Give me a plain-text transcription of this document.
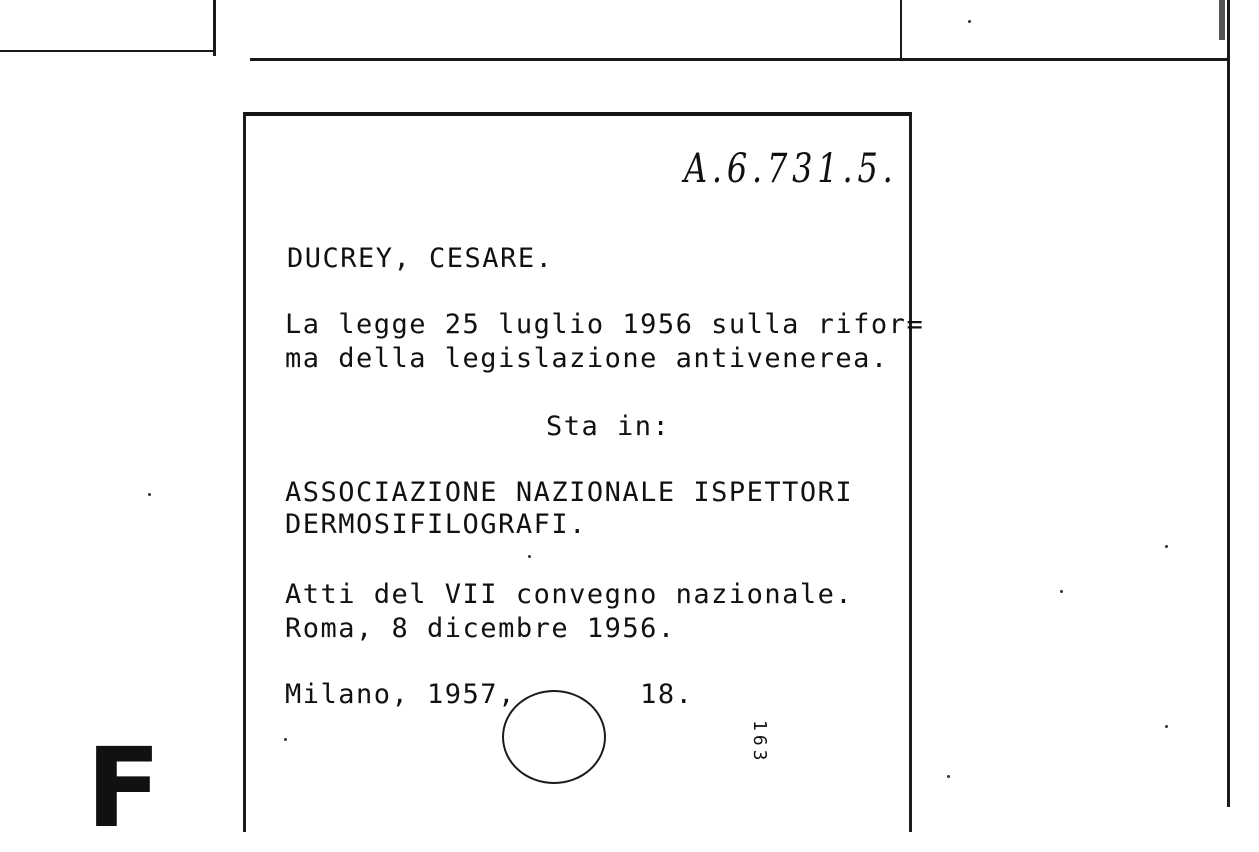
A.6.731.5.
DUCREY, CESARE.
La legge 25 luglio 1956 sulla rifor=
ma della legislazione antivenerea.
Sta in:
ASSOCIAZIONE NAZIONALE ISPETTORI
DERMOSIFILOGRAFI.
Atti del VII convegno nazionale.
Roma, 8 dicembre 1956.
Milano, 1957,       18.
163
F
